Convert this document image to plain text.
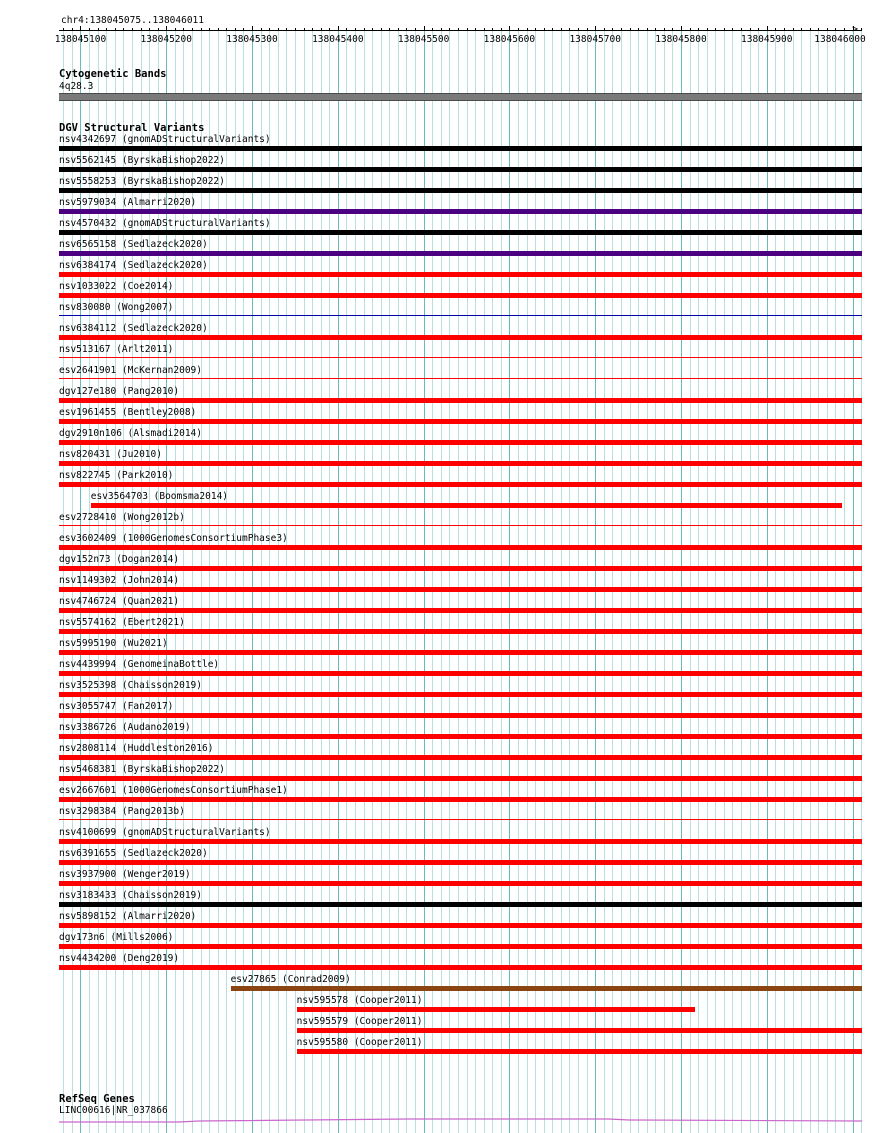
chr4:138045075..138046011
>
138045100	138045200	138045300	138045400	138045500	138045600	138045700	138045800	138045900 138046000
Cytogenetic Bands
4q28.3
DGV Structural Variants
nsv4342697 (gnomADStructuralVariants)
nsv5562145 (ByrskaBishop2022)
nsv5558253 (ByrskaBishop2022)
nsv5979034 (Almarri2020)
nsv4570432 (gnomADStructuralVariants)
nsv6565158 (Sedlazeck2020)
nsv6384174 (Sedlazeck2020)
nsv1033022 (Coe2014)
nsv830080 (Wong2007)
nsv6384112 (Sedlazeck2020)
nsv513167 (Arlt2011)
esv2641901 (McKernan2009)
dgv127e180 (Pang2010)
esv1961455 (Bentley2008)
dgv2910n106 (Alsmadi2014)
nsv820431 (Ju2010)
nsv822745 (Park2010)
esv3564703 (Boomsma2014)
esv2728410 (Wong2012b)
esv3602409 (1000GenomesConsortiumPhase3)
dgv152n73 (Dogan2014)
nsv1149302 (John2014)
nsv4746724 (Quan2021)
nsv5574162 (Ebert2021)
nsv5995190 (Wu2021)
nsv4439994 (GenomeinaBottle)
nsv3525398 (Chaisson2019)
nsv3055747 (Fan2017)
nsv3386726 (Audano2019)
nsv2808114 (Huddleston2016)
nsv5468381 (ByrskaBishop2022)
esv2667601 (1000GenomesConsortiumPhase1)
nsv3298384 (Pang2013b)
nsv4100699 (gnomADStructuralVariants)
nsv6391655 (Sedlazeck2020)
nsv3937900 (Wenger2019)
nsv3183433 (Chaisson2019)
nsv5898152 (Almarri2020)
dgv173n6 (Mills2006)
nsv4434200 (Deng2019)
esv27865 (Conrad2009)
nsv595578 (Cooper2011)
nsv595579 (Cooper2011)
nsv595580 (Cooper2011)
RefSeq Genes
LINC00616|NR_037866
